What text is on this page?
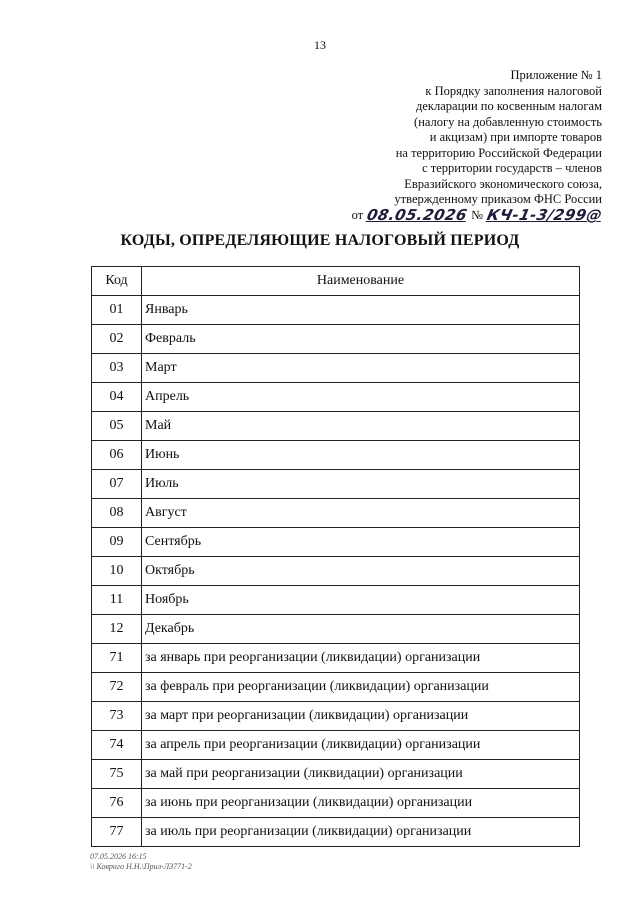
13
Приложение № 1
к Порядку заполнения налоговой
декларации по косвенным налогам
(налогу на добавленную стоимость
и акцизам) при импорте товаров
на территорию Российской Федерации
с территории государств – членов
Евразийского экономического союза,
утвержденному приказом ФНС России
от 08.05.2026 № КЧ-1-3/299@
КОДЫ, ОПРЕДЕЛЯЮЩИЕ НАЛОГОВЫЙ ПЕРИОД
Код	Наименование
01	Январь
02	Февраль
03	Март
04	Апрель
05	Май
06	Июнь
07	Июль
08	Август
09	Сентябрь
10	Октябрь
11	Ноябрь
12	Декабрь
71	за январь при реорганизации (ликвидации) организации
72	за февраль при реорганизации (ликвидации) организации
73	за март при реорганизации (ликвидации) организации
74	за апрель при реорганизации (ликвидации) организации
75	за май при реорганизации (ликвидации) организации
76	за июнь при реорганизации (ликвидации) организации
77	за июль при реорганизации (ликвидации) организации
07.05.2026 16:15
\\ Ковриго Н.Н.\Прил-ЛЗ771-2
